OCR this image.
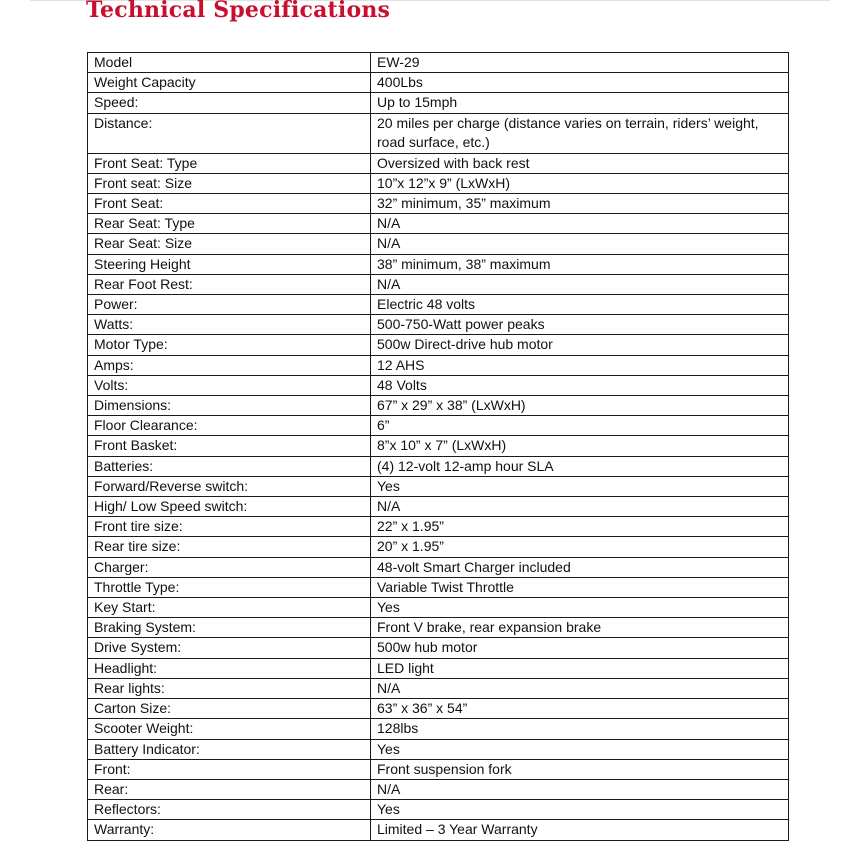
Technical Specifications
Model	EW-29
Weight Capacity	400Lbs
Speed:	Up to 15mph
Distance:	20 miles per charge (distance varies on terrain, riders’ weight, road surface, etc.)
Front Seat: Type	Oversized with back rest
Front seat: Size	10”x 12”x 9” (LxWxH)
Front Seat:	32” minimum, 35” maximum
Rear Seat: Type	N/A
Rear Seat: Size	N/A
Steering Height	38” minimum, 38” maximum
Rear Foot Rest:	N/A
Power:	Electric 48 volts
Watts:	500-750-Watt power peaks
Motor Type:	500w Direct-drive hub motor
Amps:	12 AHS
Volts:	48 Volts
Dimensions:	67” x 29” x 38” (LxWxH)
Floor Clearance:	6”
Front Basket:	8”x 10” x 7” (LxWxH)
Batteries:	(4) 12-volt 12-amp hour SLA
Forward/Reverse switch:	Yes
High/ Low Speed switch:	N/A
Front tire size:	22” x 1.95”
Rear tire size:	20” x 1.95”
Charger:	48-volt Smart Charger included
Throttle Type:	Variable Twist Throttle
Key Start:	Yes
Braking System:	Front V brake, rear expansion brake
Drive System:	500w hub motor
Headlight:	LED light
Rear lights:	N/A
Carton Size:	63” x 36” x 54”
Scooter Weight:	128lbs
Battery Indicator:	Yes
Front:	Front suspension fork
Rear:	N/A
Reflectors:	Yes
Warranty:	Limited – 3 Year Warranty
